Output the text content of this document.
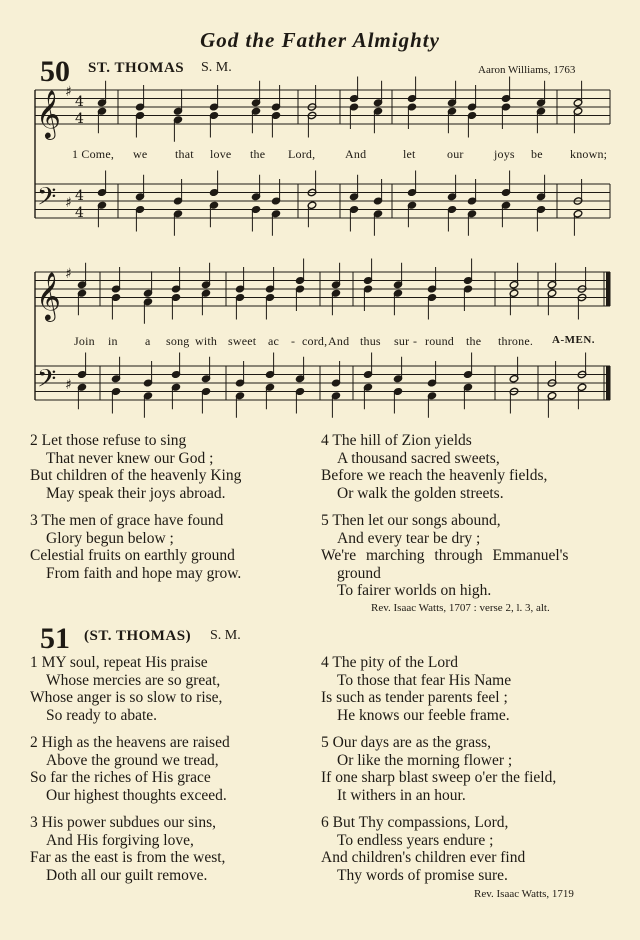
God the Father Almighty
50 ST. THOMAS S. M.	Aaron Williams, 1763
𝄞
𝄢
♯
♯
4
4
4
4
𝄞
𝄢
♯
♯
1 Come, we that love the Lord, And	let	our	joys be known;
Join in a song with sweet ac - cord, And thus sur - round the throne. A-MEN.
2 Let those refuse to sing
That never knew our God ;
But children of the heavenly King
May speak their joys abroad.
3 The men of grace have found
Glory begun below ;
Celestial fruits on earthly ground
From faith and hope may grow.
4 The hill of Zion yields
A thousand sacred sweets,
Before we reach the heavenly fields,
Or walk the golden streets.
5 Then let our songs abound,
And every tear be dry ;
We're marching through Emmanuel's
ground
To fairer worlds on high.
Rev. Isaac Watts, 1707 : verse 2, l. 3, alt.
51 (ST. THOMAS) S. M.
1 MY soul, repeat His praise
Whose mercies are so great,
Whose anger is so slow to rise,
So ready to abate.
2 High as the heavens are raised
Above the ground we tread,
So far the riches of His grace
Our highest thoughts exceed.
3 His power subdues our sins,
And His forgiving love,
Far as the east is from the west,
Doth all our guilt remove.
4 The pity of the Lord
To those that fear His Name
Is such as tender parents feel ;
He knows our feeble frame.
5 Our days are as the grass,
Or like the morning flower ;
If one sharp blast sweep o'er the field,
It withers in an hour.
6 But Thy compassions, Lord,
To endless years endure ;
And children's children ever find
Thy words of promise sure.
Rev. Isaac Watts, 1719
